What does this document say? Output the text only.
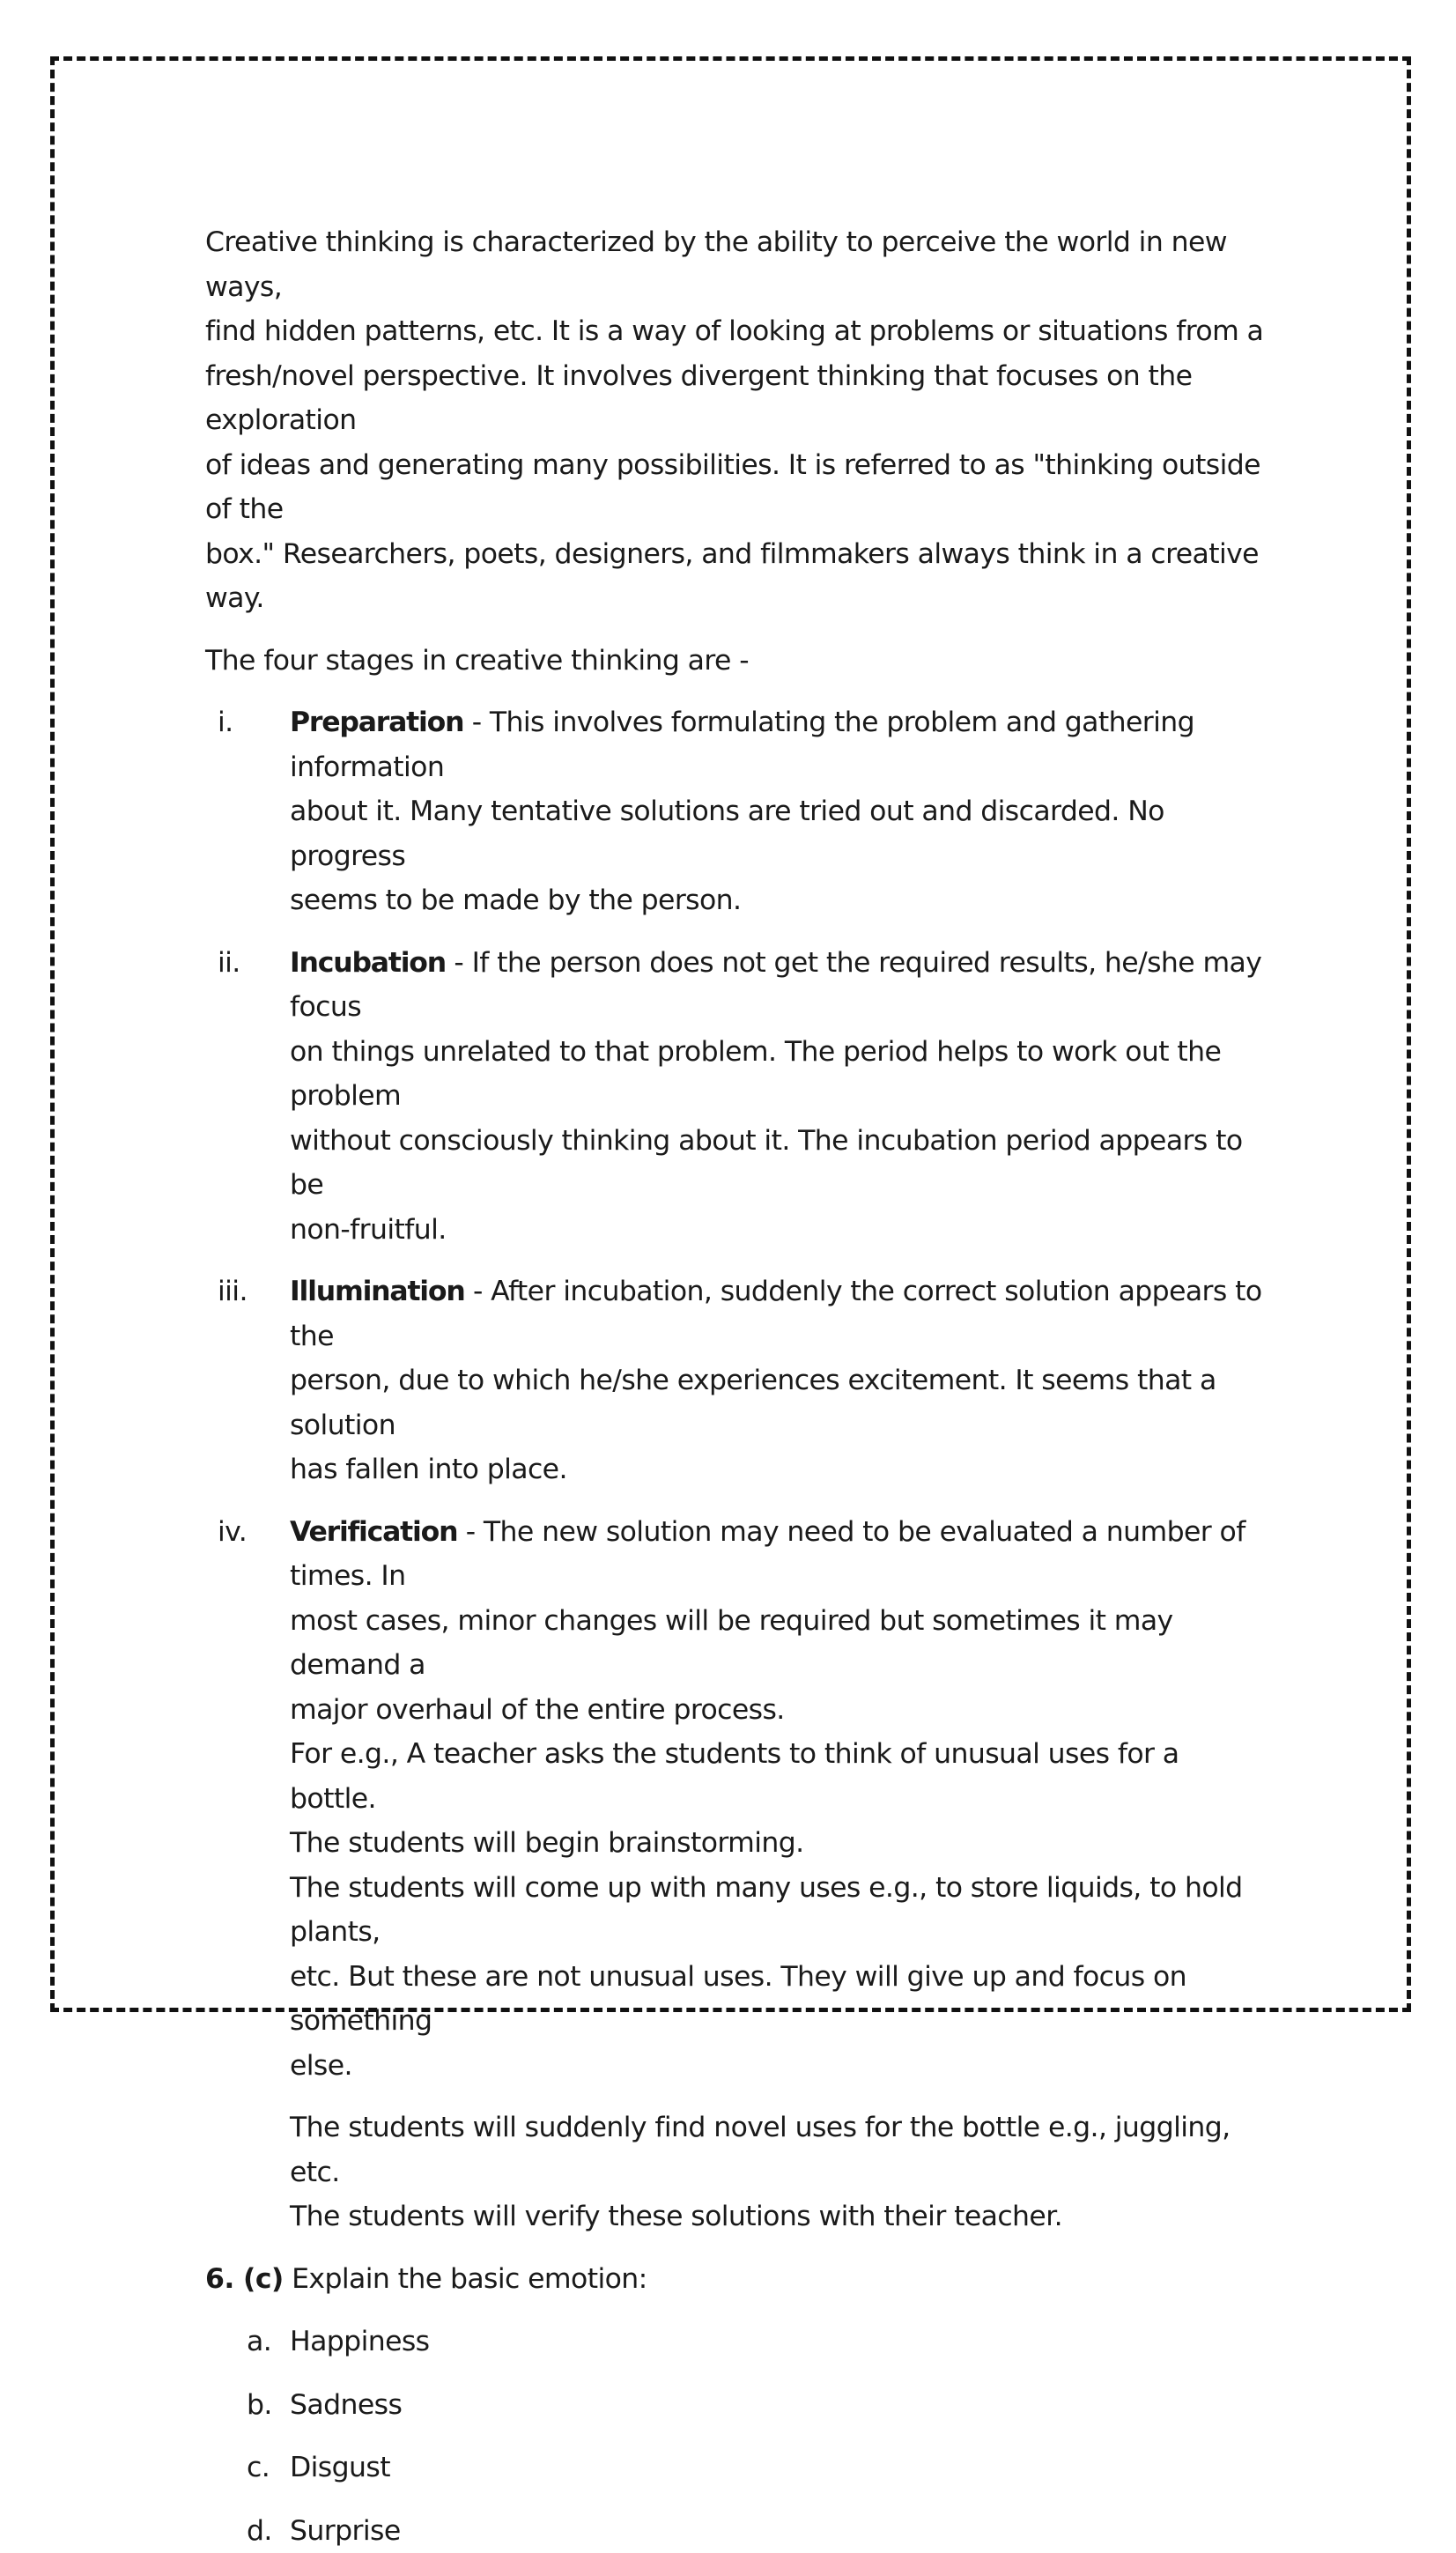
Creative thinking is characterized by the ability to perceive the world in new ways,
find hidden patterns, etc. It is a way of looking at problems or situations from a
fresh/novel perspective. It involves divergent thinking that focuses on the exploration
of ideas and generating many possibilities. It is referred to as "thinking outside of the
box." Researchers, poets, designers, and filmmakers always think in a creative way.

The four stages in creative thinking are -

i.	Preparation - This involves formulating the problem and gathering information
about it. Many tentative solutions are tried out and discarded. No progress
seems to be made by the person.
ii.	Incubation - If the person does not get the required results, he/she may focus
on things unrelated to that problem. The period helps to work out the problem
without consciously thinking about it. The incubation period appears to be
non-fruitful.
iii.	Illumination - After incubation, suddenly the correct solution appears to the
person, due to which he/she experiences excitement. It seems that a solution
has fallen into place.
iv.	Verification - The new solution may need to be evaluated a number of times. In
most cases, minor changes will be required but sometimes it may demand a
major overhaul of the entire process.
For e.g., A teacher asks the students to think of unusual uses for a bottle.
The students will begin brainstorming.
The students will come up with many uses e.g., to store liquids, to hold plants,
etc. But these are not unusual uses. They will give up and focus on something
else.
The students will suddenly find novel uses for the bottle e.g., juggling, etc.
The students will verify these solutions with their teacher.

6. (c) Explain the basic emotion:

a. Happiness
b. Sadness
c. Disgust
d. Surprise
